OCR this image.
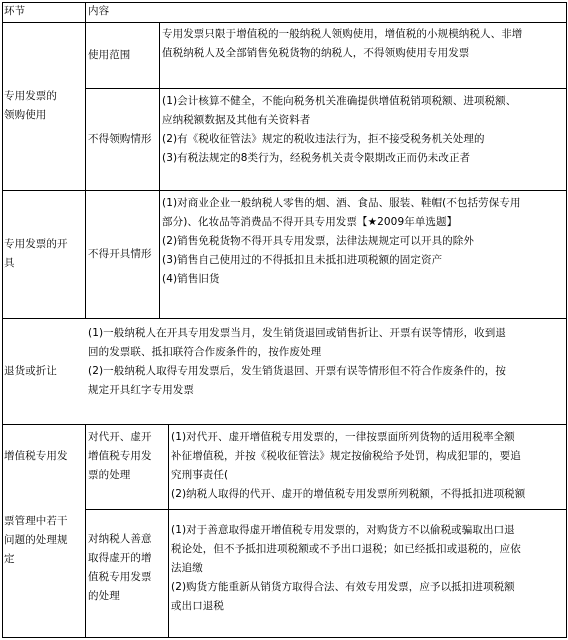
环节	内容
专用发票的
领购使用
使用范围
专用发票只限于增值税的一般纳税人领购使用，增值税的小规模纳税人、非增
值税纳税人及全部销售免税货物的纳税人，不得领购使用专用发票
不得领购情形
(1)会计核算不健全，不能向税务机关准确提供增值税销项税额、进项税额、
应纳税额数据及其他有关资料者
(2)有《税收征管法》规定的税收违法行为，拒不接受税务机关处理的
(3)有税法规定的8类行为，经税务机关责令限期改正而仍未改正者
专用发票的开
具
不得开具情形
(1)对商业企业一般纳税人零售的烟、酒、食品、服装、鞋帽(不包括劳保专用
部分)、化妆品等消费品不得开具专用发票【★2009年单选题】
(2)销售免税货物不得开具专用发票，法律法规规定可以开具的除外
(3)销售自己使用过的不得抵扣且未抵扣进项税额的固定资产
(4)销售旧货
退货或折让
(1)一般纳税人在开具专用发票当月，发生销货退回或销售折让、开票有误等情形，收到退
回的发票联、抵扣联符合作废条件的，按作废处理
(2)一般纳税人取得专用发票后，发生销货退回、开票有误等情形但不符合作废条件的，按
规定开具红字专用发票
增值税专用发
票管理中若干
问题的处理规
定
对代开、虚开
增值税专用发
票的处理
(1)对代开、虚开增值税专用发票的，一律按票面所列货物的适用税率全额
补征增值税，并按《税收征管法》规定按偷税给予处罚，构成犯罪的，要追
究刑事责任(
(2)纳税人取得的代开、虚开的增值税专用发票所列税额，不得抵扣进项税额
对纳税人善意
取得虚开的增
值税专用发票
的处理
(1)对于善意取得虚开增值税专用发票的，对购货方不以偷税或骗取出口退
税论处，但不予抵扣进项税额或不予出口退税；如已经抵扣或退税的，应依
法追缴
(2)购货方能重新从销货方取得合法、有效专用发票，应予以抵扣进项税额
或出口退税
